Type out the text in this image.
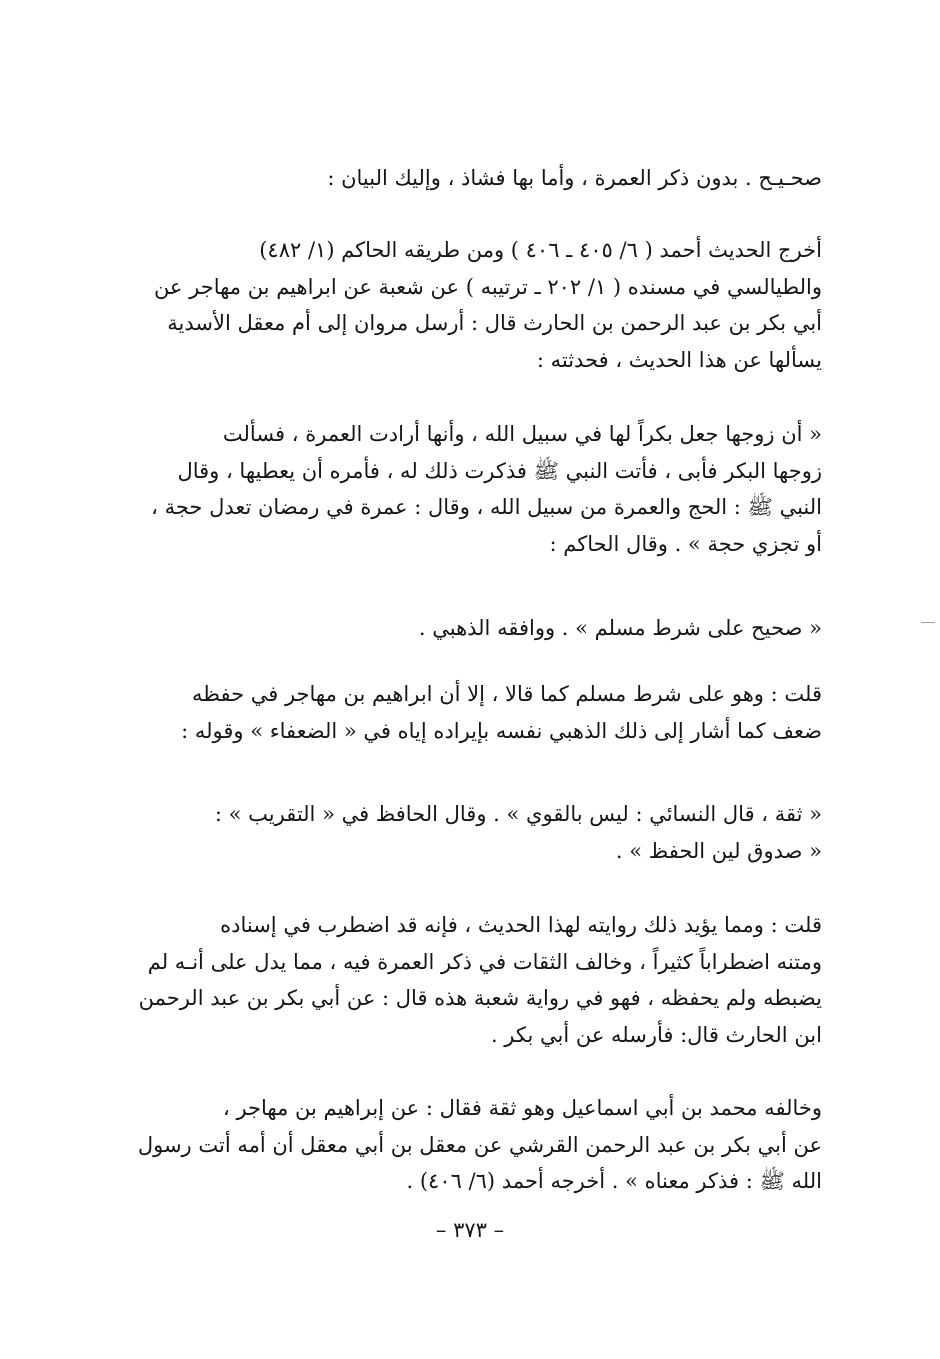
صحـيـح . بدون ذكر العمرة ، وأما بها فشاذ ، وإليك البيان :

أخرج الحديث أحمد ( ٦/ ٤٠٥ ـ ٤٠٦ ) ومن طريقه الحاكم (١/ ٤٨٢)
والطيالسي في مسنده ( ١/ ٢٠٢ ـ ترتيبه ) عن شعبة عن ابراهيم بن مهاجر عن
أبي بكر بن عبد الرحمن بن الحارث قال : أرسل مروان إلى أم معقل الأسدية
يسألها عن هذا الحديث ، فحدثته :

« أن زوجها جعل بكراً لها في سبيل الله ، وأنها أرادت العمرة ، فسألت
زوجها البكر فأبى ، فأتت النبي ﷺ فذكرت ذلك له ، فأمره أن يعطيها ، وقال
النبي ﷺ : الحج والعمرة من سبيل الله ، وقال : عمرة في رمضان تعدل حجة ،
أو تجزي حجة » . وقال الحاكم :

« صحيح على شرط مسلم » . ووافقه الذهبي .

قلت : وهو على شرط مسلم كما قالا ، إلا أن ابراهيم بن مهاجر في حفظه
ضعف كما أشار إلى ذلك الذهبي نفسه بإيراده إياه في « الضعفاء » وقوله :

« ثقة ، قال النسائي : ليس بالقوي » . وقال الحافظ في « التقريب » :
« صدوق لين الحفظ » .

قلت : ومما يؤيد ذلك روايته لهذا الحديث ، فإنه قد اضطرب في إسناده
ومتنه اضطراباً كثيراً ، وخالف الثقات في ذكر العمرة فيه ، مما يدل على أنـه لم
يضبطه ولم يحفظه ، فهو في رواية شعبة هذه قال : عن أبي بكر بن عبد الرحمن
ابن الحارث قال: فأرسله عن أبي بكر .

وخالفه محمد بن أبي اسماعيل وهو ثقة فقال : عن إبراهيم بن مهاجر ،
عن أبي بكر بن عبد الرحمن القرشي عن معقل بن أبي معقل أن أمه أتت رسول
الله ﷺ : فذكر معناه » . أخرجه أحمد (٦/ ٤٠٦) .

– ٣٧٣ –
